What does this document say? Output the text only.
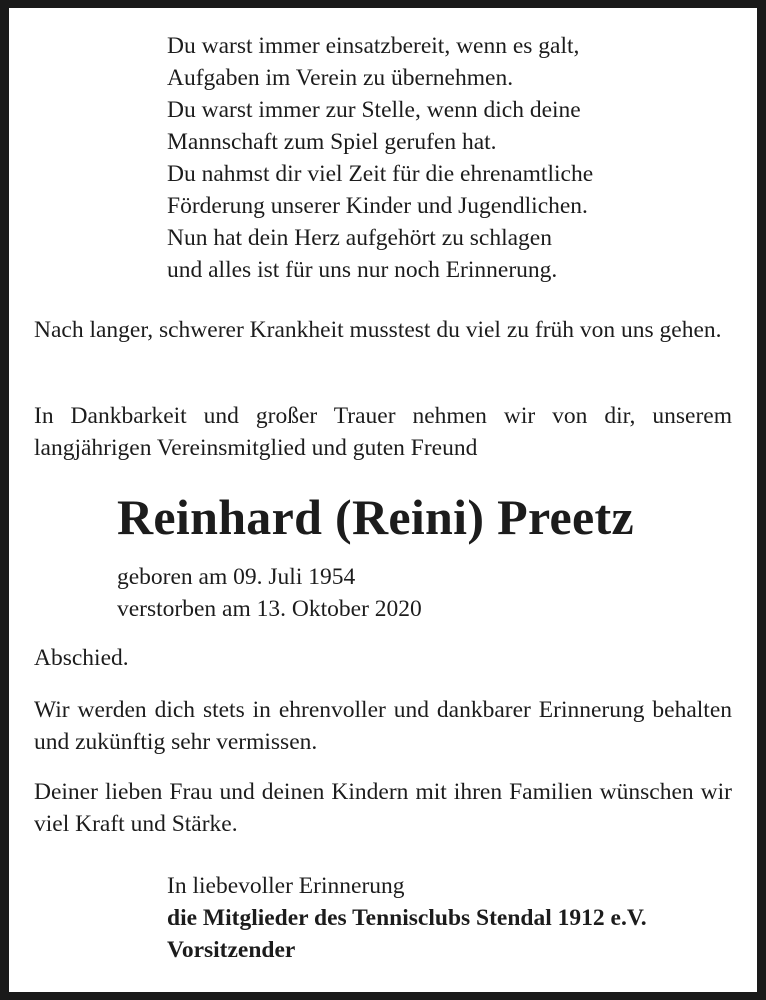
Du warst immer einsatzbereit, wenn es galt,
Aufgaben im Verein zu übernehmen.
Du warst immer zur Stelle, wenn dich deine
Mannschaft zum Spiel gerufen hat.
Du nahmst dir viel Zeit für die ehrenamtliche
Förderung unserer Kinder und Jugendlichen.
Nun hat dein Herz aufgehört zu schlagen
und alles ist für uns nur noch Erinnerung.
Nach langer, schwerer Krankheit musstest du viel zu früh von uns gehen.
In Dankbarkeit und großer Trauer nehmen wir von dir, unserem langjährigen Vereinsmitglied und guten Freund
Reinhard (Reini) Preetz
geboren am 09. Juli 1954
verstorben am 13. Oktober 2020
Abschied.
Wir werden dich stets in ehrenvoller und dankbarer Erinnerung behalten und zukünftig sehr vermissen.
Deiner lieben Frau und deinen Kindern mit ihren Familien wünschen wir viel Kraft und Stärke.
In liebevoller Erinnerung
die Mitglieder des Tennisclubs Stendal 1912 e.V.
Vorsitzender
